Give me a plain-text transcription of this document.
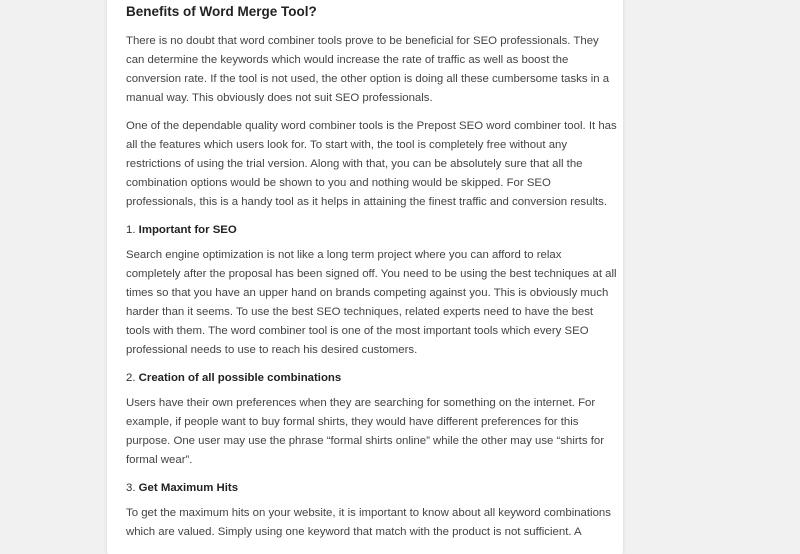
Benefits of Word Merge Tool?

There is no doubt that word combiner tools prove to be beneficial for SEO professionals. They can determine the keywords which would increase the rate of traffic as well as boost the conversion rate. If the tool is not used, the other option is doing all these cumbersome tasks in a manual way. This obviously does not suit SEO professionals.

One of the dependable quality word combiner tools is the Prepost SEO word combiner tool. It has all the features which users look for. To start with, the tool is completely free without any restrictions of using the trial version. Along with that, you can be absolutely sure that all the combination options would be shown to you and nothing would be skipped. For SEO professionals, this is a handy tool as it helps in attaining the finest traffic and conversion results.

1. Important for SEO

Search engine optimization is not like a long term project where you can afford to relax completely after the proposal has been signed off. You need to be using the best techniques at all times so that you have an upper hand on brands competing against you. This is obviously much harder than it seems. To use the best SEO techniques, related experts need to have the best tools with them. The word combiner tool is one of the most important tools which every SEO professional needs to use to reach his desired customers.

2. Creation of all possible combinations

Users have their own preferences when they are searching for something on the internet. For example, if people want to buy formal shirts, they would have different preferences for this purpose. One user may use the phrase “formal shirts online” while the other may use “shirts for formal wear”.

3. Get Maximum Hits

To get the maximum hits on your website, it is important to know about all keyword combinations which are valued. Simply using one keyword that match with the product is not sufficient. A
